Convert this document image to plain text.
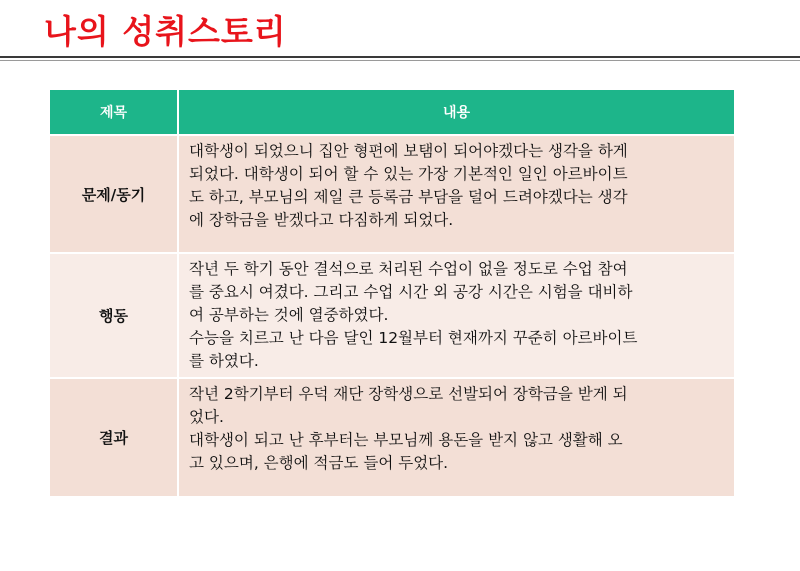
나의 성취스토리
제목	내용
문제/동기	대학생이 되었으니 집안 형편에 보탬이 되어야겠다는 생각을 하게

되었다. 대학생이 되어 할 수 있는 가장 기본적인 일인 아르바이트

도 하고, 부모님의 제일 큰 등록금 부담을 덜어 드려야겠다는 생각

에 장학금을 받겠다고 다짐하게 되었다.

행동	작년 두 학기 동안 결석으로 처리된 수업이 없을 정도로 수업 참여

를 중요시 여겼다. 그리고 수업 시간 외 공강 시간은 시험을 대비하

여 공부하는 것에 열중하였다.

수능을 치르고 난 다음 달인 12월부터 현재까지 꾸준히 아르바이트

를 하였다.

결과	작년 2학기부터 우덕 재단 장학생으로 선발되어 장학금을 받게 되

었다.

대학생이 되고 난 후부터는 부모님께 용돈을 받지 않고 생활해 오

고 있으며, 은행에 적금도 들어 두었다.
